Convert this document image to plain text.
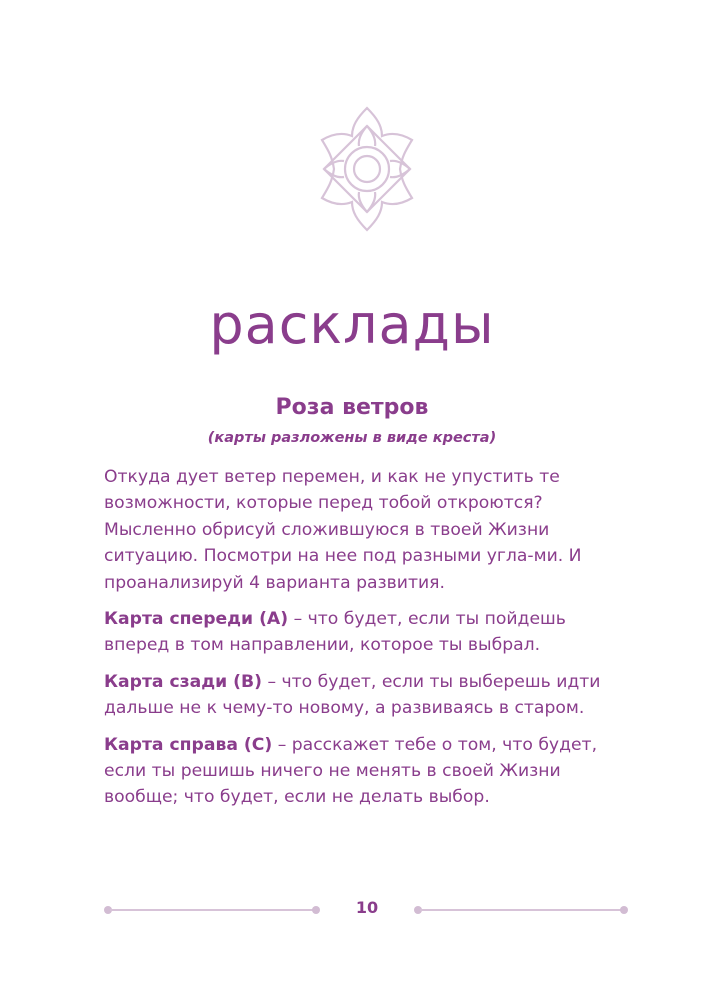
расклады
Роза ветров
(карты разложены в виде креста)

Откуда дует ветер перемен, и как не упустить те возможности, которые перед тобой откроются? Мысленно обрисуй сложившуюся в твоей Жизни ситуацию. Посмотри на нее под разными угла-ми. И проанализируй 4 варианта развития.

Карта спереди (А) – что будет, если ты пойдешь вперед в том направлении, которое ты выбрал.

Карта сзади (В) – что будет, если ты выберешь идти дальше не к чему-то новому, а развиваясь в старом.

Карта справа (С) – расскажет тебе о том, что будет, если ты решишь ничего не менять в своей Жизни вообще; что будет, если не делать выбор.

10
